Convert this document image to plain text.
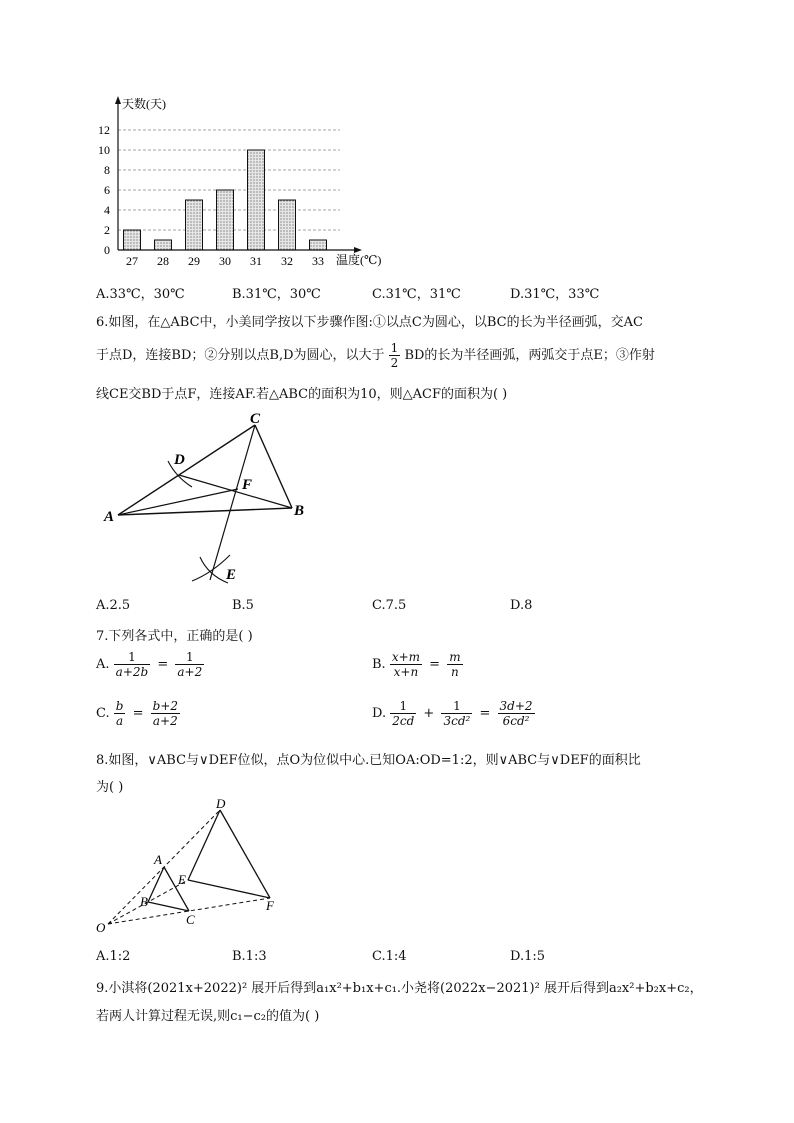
0
2
4
6
8
10
12
27 28 29 30 31 32 33
天数(天)
温度(℃)
A.33℃，30℃	B.31℃，30℃	C.31℃，31℃	D.31℃，33℃
6.如图，在△ABC中，小美同学按以下步骤作图:①以点C为圆心，以BC的长为半径画弧，交AC
于点D，连接BD；②分别以点B,D为圆心，以大于 $\frac{1}{2}$ BD的长为半径画弧，两弧交于点E；③作射
线CE交BD于点F，连接AF.若△ABC的面积为10，则△ACF的面积为( )
C
D
F
A	B
E
A.2.5	B.5	C.7.5	D.8
7.下列各式中，正确的是( )
A. $\frac{1}{a+2b} = \frac{1}{a+2}$	B. $\frac{x+m}{x+n} = \frac{m}{n}$
C. $\frac{b}{a} = \frac{b+2}{a+2}$	D. $\frac{1}{2cd} + \frac{1}{\text{3cd²}} = \frac{3d+2}{\text{6cd²}}$
8.如图，∨ABC与∨DEF位似，点O为位似中心.已知OA:OD=1:2，则∨ABC与∨DEF的面积比
为( )
D
A
E
B
C
F
O
A.1:2	B.1:3	C.1:4	D.1:5
9.小淇将(2021x+2022)² 展开后得到a₁x²+b₁x+c₁.小尧将(2022x−2021)² 展开后得到a₂x²+b₂x+c₂，
若两人计算过程无误,则c₁−c₂的值为( )
